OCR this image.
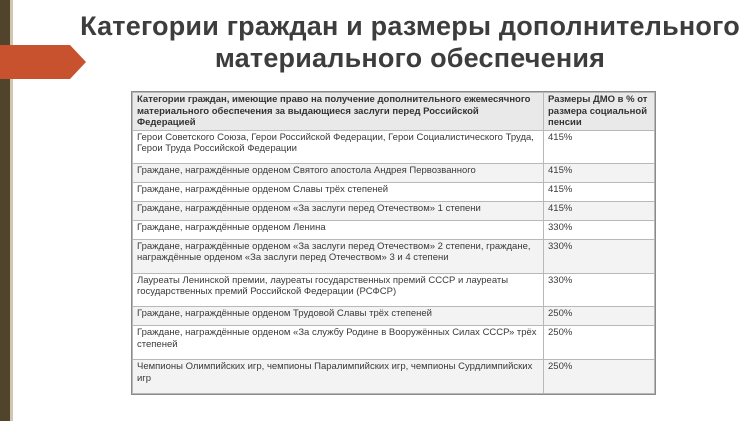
Категории граждан и размеры дополнительного
материального обеспечения
Категории граждан, имеющие право на получение дополнительного ежемесячного материального обеспечения за выдающиеся заслуги перед Российской Федерацией	Размеры ДМО в % от размера социальной пенсии
Герои Советского Союза, Герои Российской Федерации, Герои Социалистического Труда, Герои Труда Российской Федерации	415%
Граждане, награждённые орденом Святого апостола Андрея Первозванного	415%
Граждане, награждённые орденом Славы трёх степеней	415%
Граждане, награждённые орденом «За заслуги перед Отечеством» 1 степени	415%
Граждане, награждённые орденом Ленина	330%
Граждане, награждённые орденом «За заслуги перед Отечеством» 2 степени, граждане, награждённые орденом «За заслуги перед Отечеством» 3 и 4 степени	330%
Лауреаты Ленинской премии, лауреаты государственных премий СССР и лауреаты государственных премий Российской Федерации (РСФСР)	330%
Граждане, награждённые орденом Трудовой Славы трёх степеней	250%
Граждане, награждённые орденом «За службу Родине в Вооружённых Силах СССР» трёх степеней	250%
Чемпионы Олимпийских игр, чемпионы Паралимпийских игр, чемпионы Сурдлимпийских игр	250%
